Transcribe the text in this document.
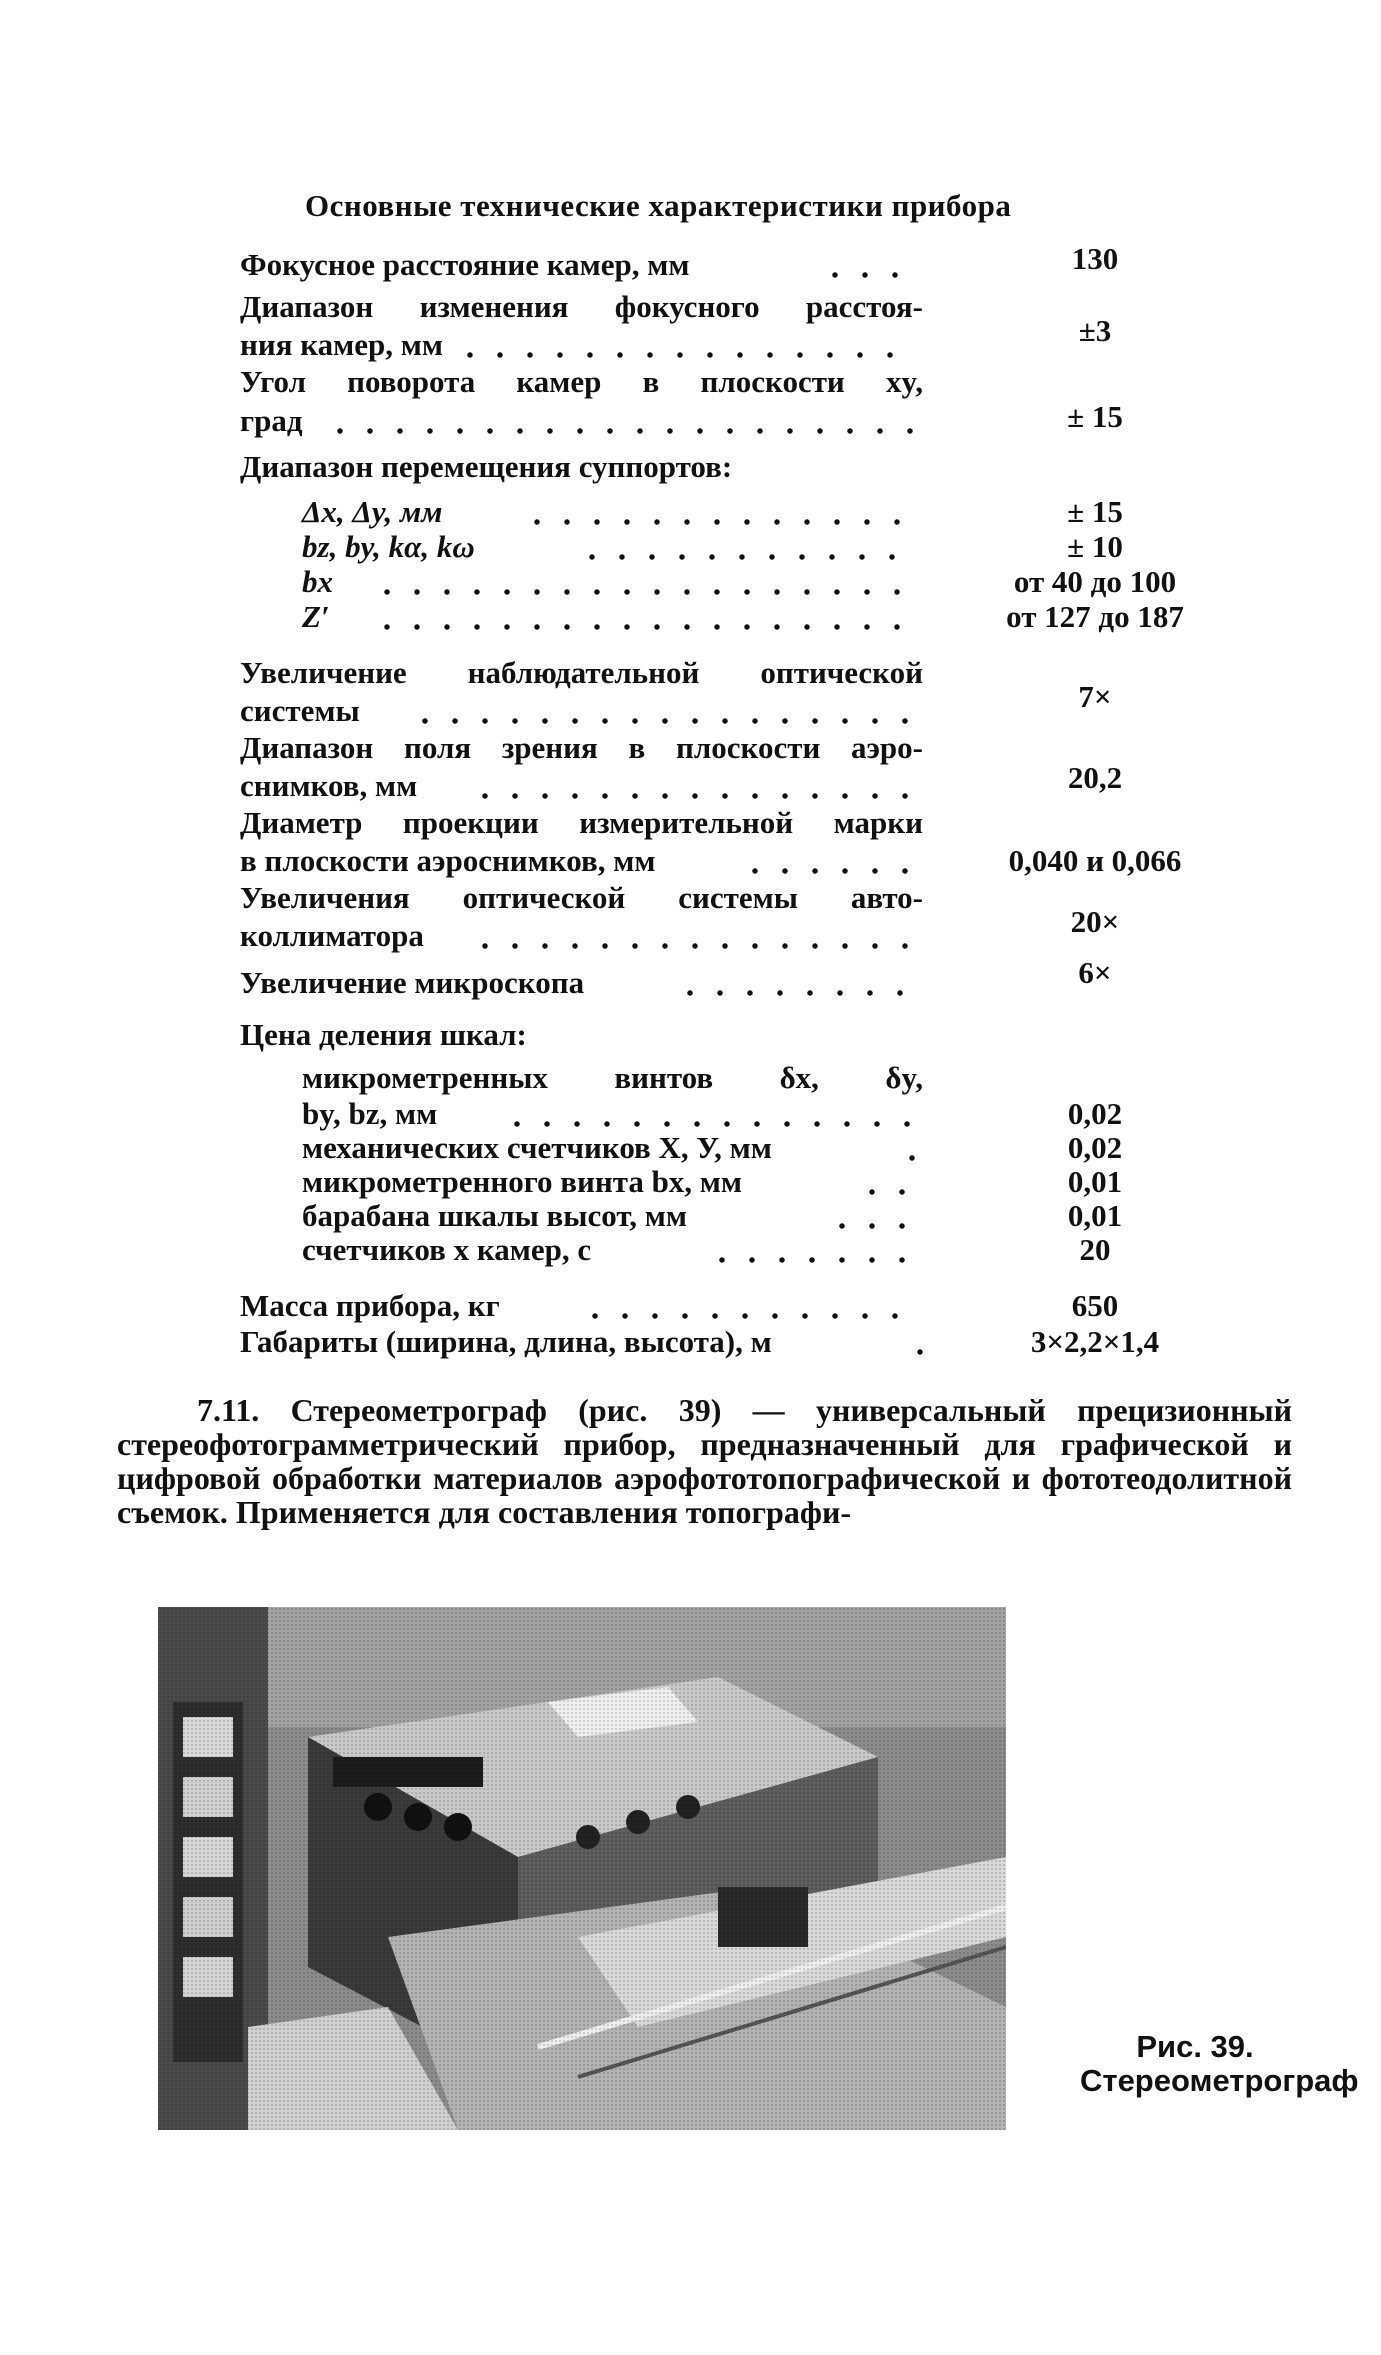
Основные технические характеристики прибора
Фокусное расстояние камер, мм	130
Диапазон изменения фокусного расстоя-
ния камер, мм	±3
Угол поворота камер в плоскости xy,
град	± 15
Диапазон перемещения суппортов:
Δx, Δy, мм	± 15
bz, by, kα, kω	± 10
bx	от 40 до 100
Z′	от 127 до 187
Увеличение наблюдательной оптической
системы	7×
Диапазон поля зрения в плоскости аэро-
снимков, мм	20,2
Диаметр проекции измерительной марки
в плоскости аэроснимков, мм	0,040 и 0,066
Увеличения оптической системы авто-
коллиматора	20×
Увеличение микроскопа	6×
Цена деления шкал:
микрометренных винтов δx, δy,
by, bz, мм	0,02
механических счетчиков X, У, мм	0,02
микрометренного винта bx, мм	0,01
барабана шкалы высот, мм	0,01
счетчиков x камер, с	20
Масса прибора, кг	650
Габариты (ширина, длина, высота), м	3×2,2×1,4
7.11. Стереометрограф (рис. 39) — универсальный прецизионный стереофотограмметрический прибор, предназначенный для графической и цифровой обработки материалов аэрофототопографической и фототеодолитной съемок. Применяется для составления топографи-
Рис. 39. Стереометрограф
